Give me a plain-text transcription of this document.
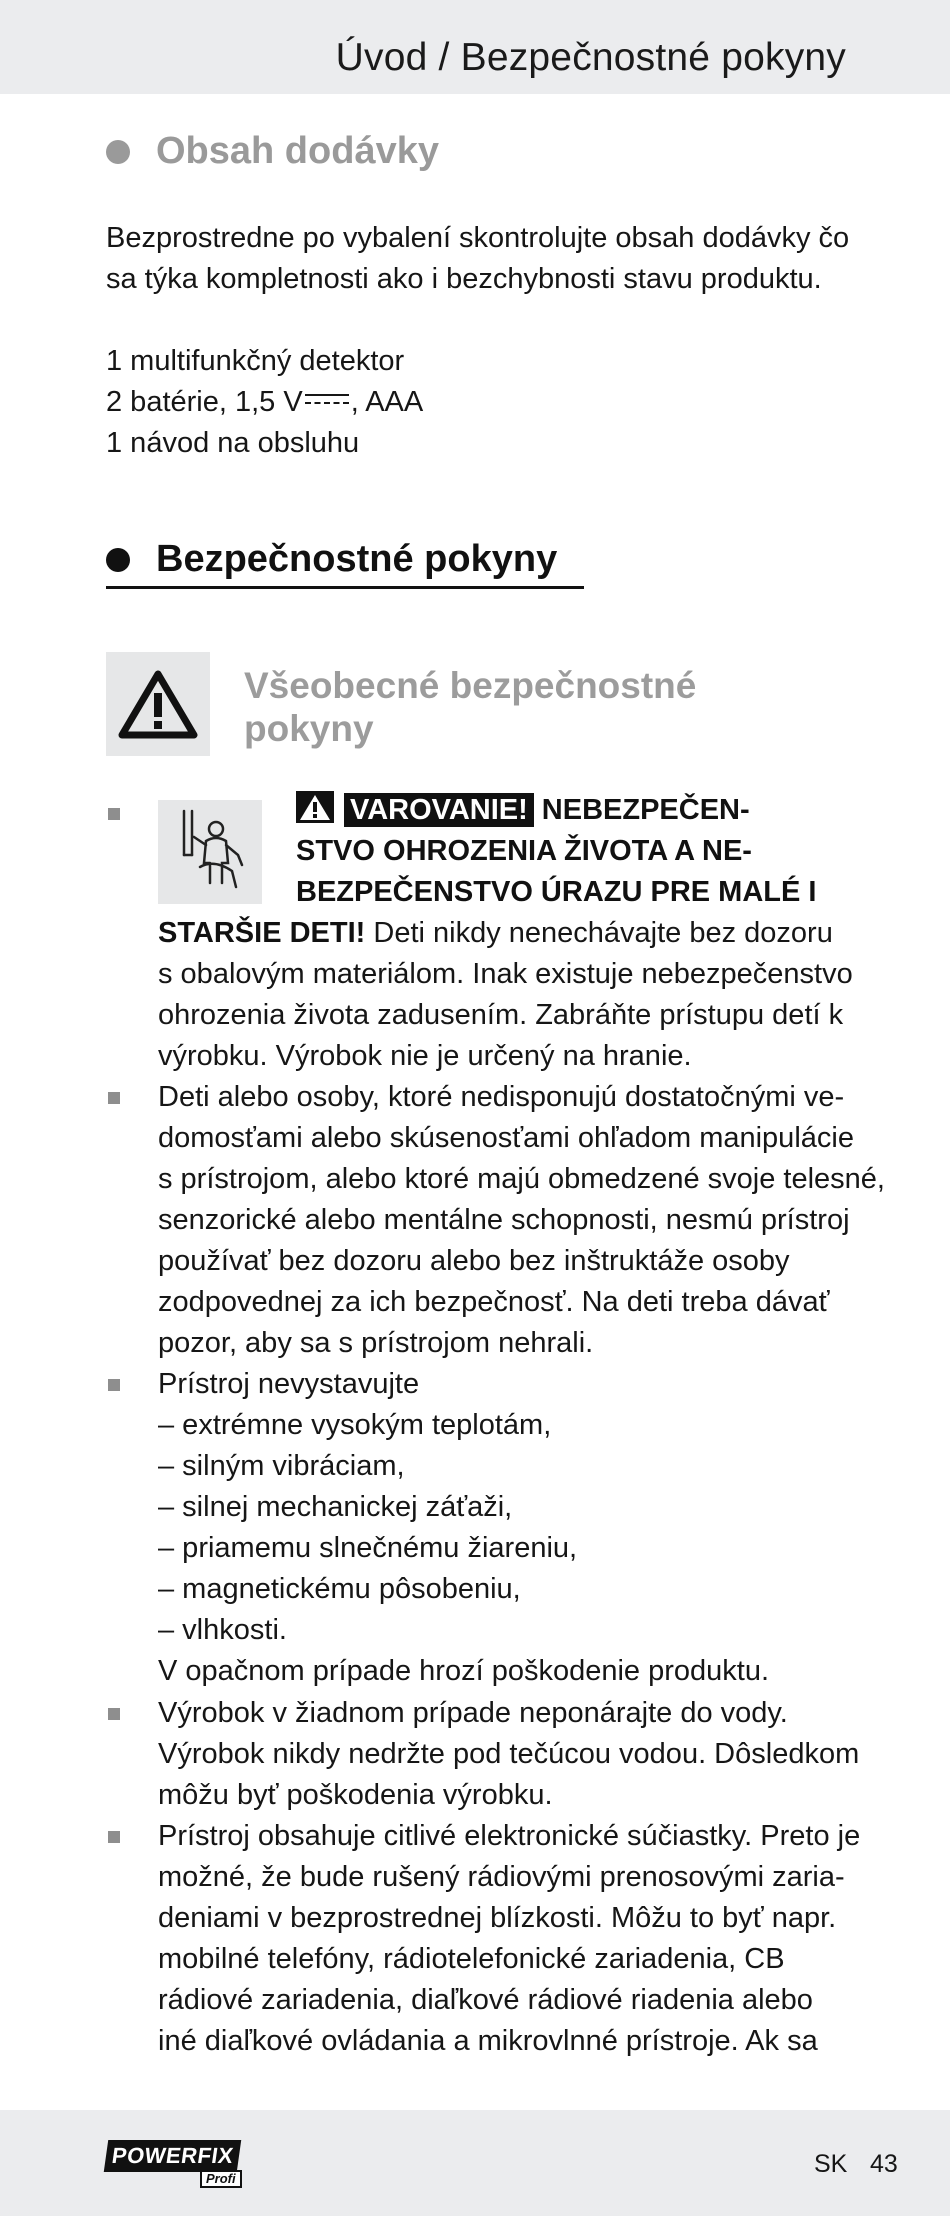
Úvod / Bezpečnostné pokyny
Obsah dodávky
Bezprostredne po vybalení skontrolujte obsah dodávky čo
sa týka kompletnosti ako i bezchybnosti stavu produktu.
1 multifunkčný detektor
2 batérie, 1,5 V , AAA
1 návod na obsluhu
Bezpečnostné pokyny
Všeobecné bezpečnostné
pokyny
VAROVANIE! NEBEZPEČEN-
STVO OHROZENIA ŽIVOTA A NE-
BEZPEČENSTVO ÚRAZU PRE MALÉ I
STARŠIE DETI! Deti nikdy nenechávajte bez dozoru
s obalovým materiálom. Inak existuje nebezpečenstvo
ohrozenia života zadusením. Zabráňte prístupu detí k
výrobku. Výrobok nie je určený na hranie.
Deti alebo osoby, ktoré nedisponujú dostatočnými ve-
domosťami alebo skúsenosťami ohľadom manipulácie
s prístrojom, alebo ktoré majú obmedzené svoje telesné,
senzorické alebo mentálne schopnosti, nesmú prístroj
používať bez dozoru alebo bez inštruktáže osoby
zodpovednej za ich bezpečnosť. Na deti treba dávať
pozor, aby sa s prístrojom nehrali.
Prístroj nevystavujte
– extrémne vysokým teplotám,
– silným vibráciam,
– silnej mechanickej záťaži,
– priamemu slnečnému žiareniu,
– magnetickému pôsobeniu,
– vlhkosti.
V opačnom prípade hrozí poškodenie produktu.
Výrobok v žiadnom prípade neponárajte do vody.
Výrobok nikdy nedržte pod tečúcou vodou. Dôsledkom
môžu byť poškodenia výrobku.
Prístroj obsahuje citlivé elektronické súčiastky. Preto je
možné, že bude rušený rádiovými prenosovými zaria-
deniami v bezprostrednej blízkosti. Môžu to byť napr.
mobilné telefóny, rádiotelefonické zariadenia, CB
rádiové zariadenia, diaľkové rádiové riadenia alebo
iné diaľkové ovládania a mikrovlnné prístroje. Ak sa
POWERFIX
Profi
SK 43
